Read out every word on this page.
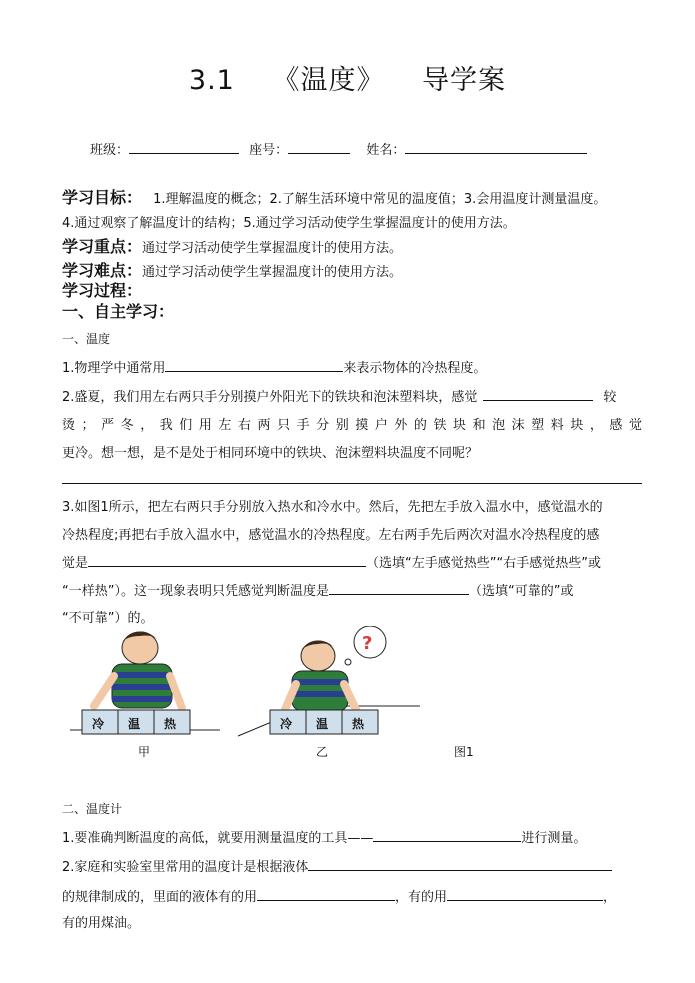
3.1 《温度》 导学案
班级：	座号：	姓名：
学习目标： 1.理解温度的概念；2.了解生活环境中常见的温度值；3.会用温度计测量温度。
4.通过观察了解温度计的结构；5.通过学习活动使学生掌握温度计的使用方法。
学习重点：通过学习活动使学生掌握温度计的使用方法。
学习难点：通过学习活动使学生掌握温度计的使用方法。
学习过程：
一、自主学习：
一、温度
1.物理学中通常用	来表示物体的冷热程度。
2.盛夏，我们用左右两只手分别摸户外阳光下的铁块和泡沫塑料块，感觉	较
烫；严冬，我们用左右两只手分别摸户外的铁块和泡沫塑料块，感觉
更冷。想一想，是不是处于相同环境中的铁块、泡沫塑料块温度不同呢？
3.如图1所示，把左右两只手分别放入热水和冷水中。然后，先把左手放入温水中，感觉温水的
冷热程度;再把右手放入温水中，感觉温水的冷热程度。左右两手先后两次对温水冷热程度的感
觉是	（选填“左手感觉热些”“右手感觉热些”或
“一样热”）。这一现象表明只凭感觉判断温度是	（选填“可靠的”或
“不可靠”）的。
冷 温 热
甲
?
冷 温 热
乙	图1
二、温度计
1.要准确判断温度的高低，就要用测量温度的工具——	进行测量。
2.家庭和实验室里常用的温度计是根据液体
的规律制成的，里面的液体有的用	，有的用	，
有的用煤油。
